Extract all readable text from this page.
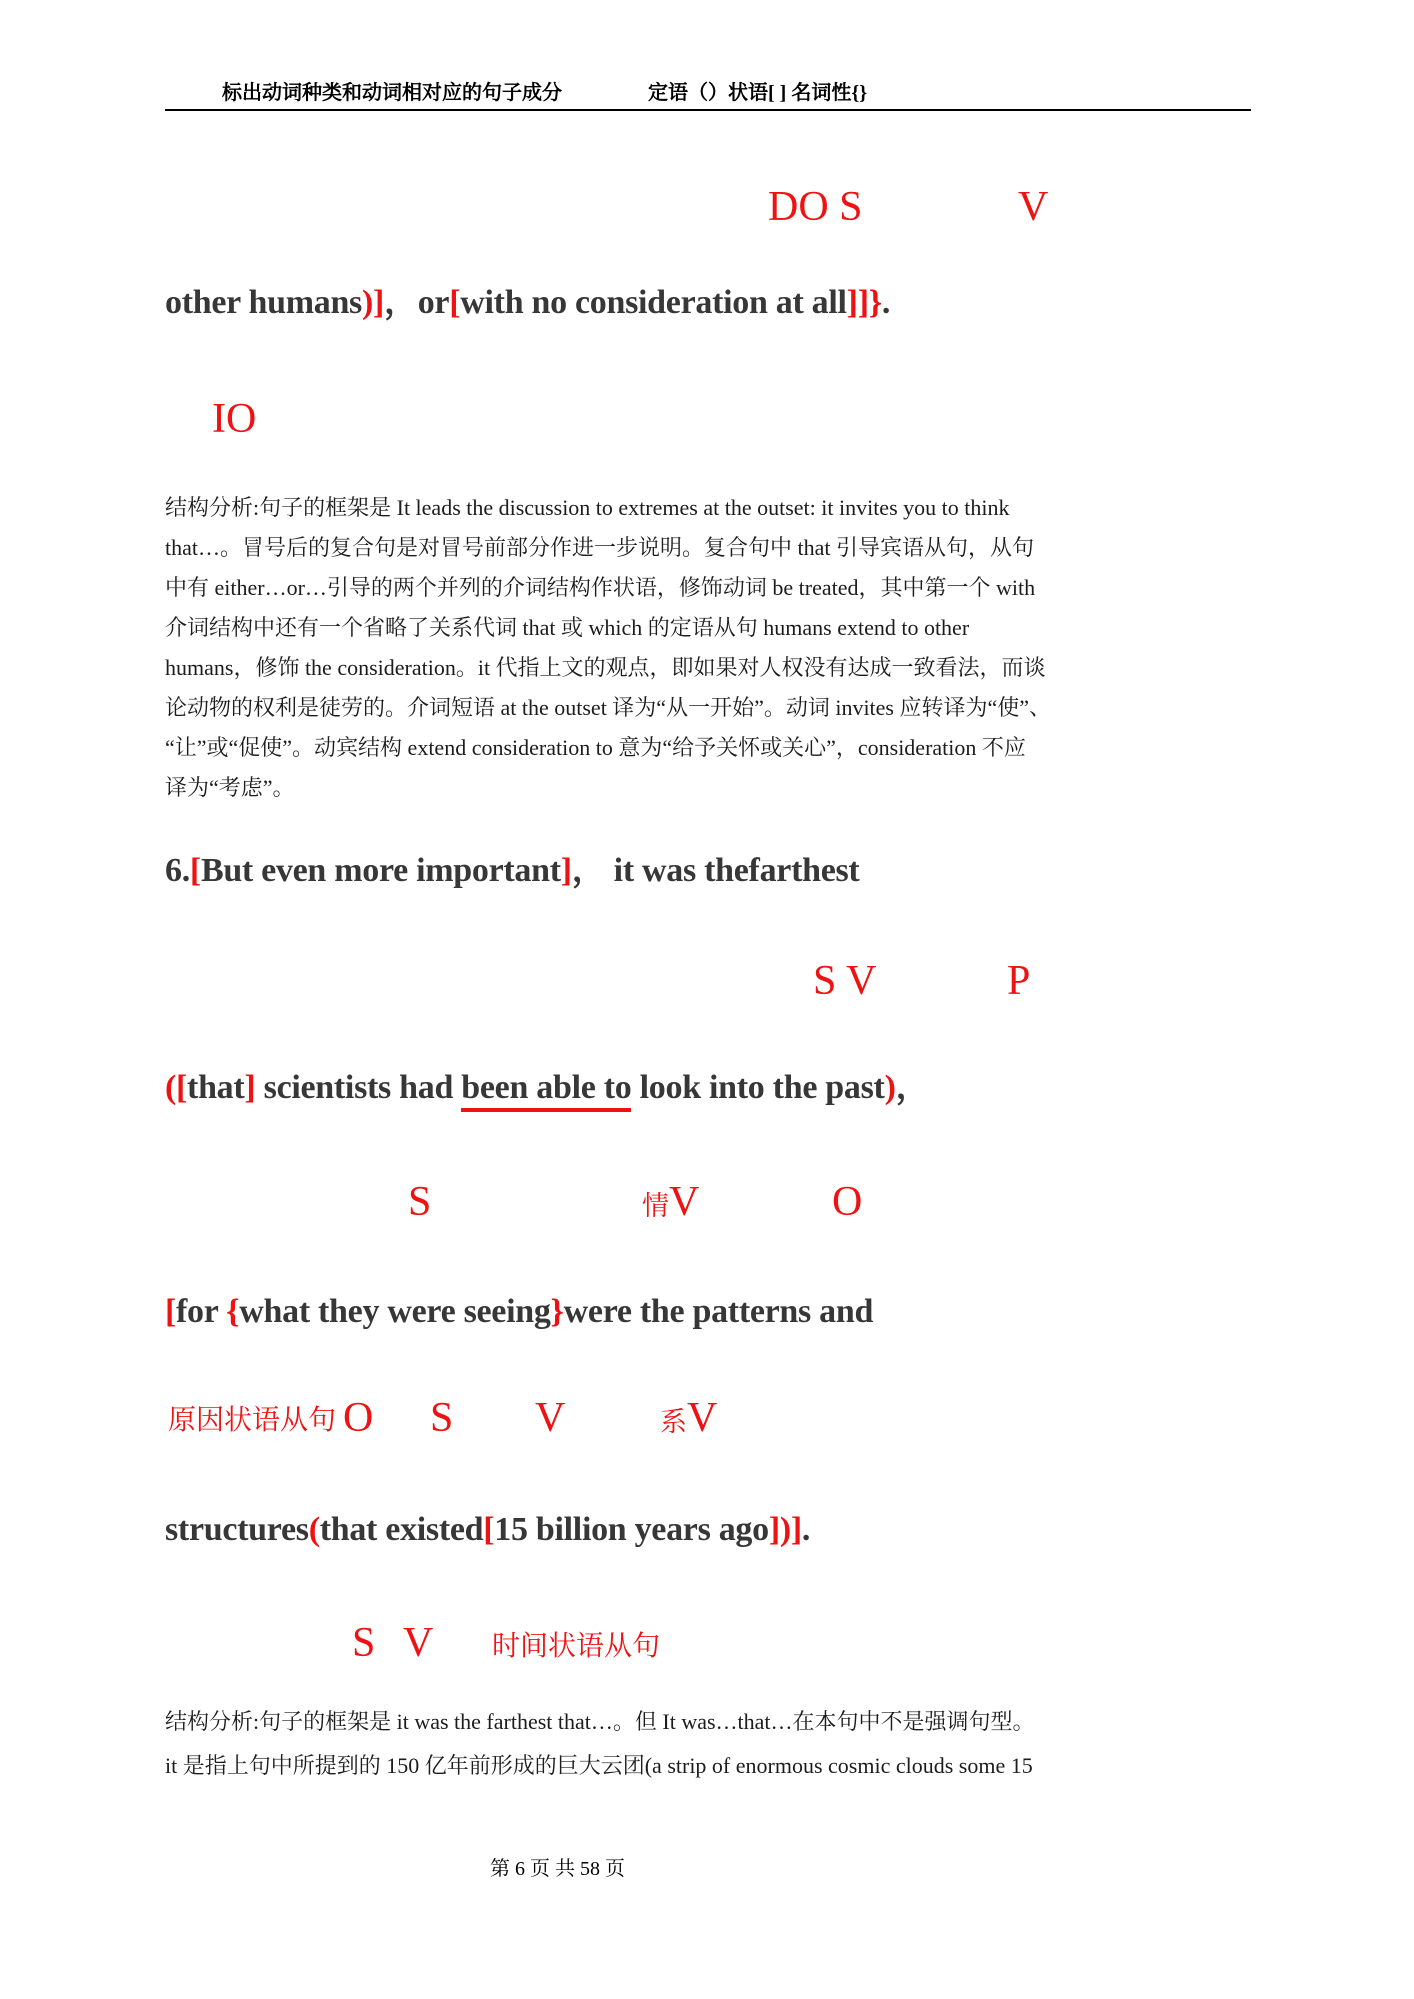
标出动词种类和动词相对应的句子成分	定语（）状语[ ] 名词性{}
DO S	V
other humans)]，or[with no consideration at all]]}.
IO
结构分析:句子的框架是 It leads the discussion to extremes at the outset: it invites you to think
that…。冒号后的复合句是对冒号前部分作进一步说明。复合句中 that 引导宾语从句，从句
中有 either…or…引导的两个并列的介词结构作状语，修饰动词 be treated，其中第一个 with
介词结构中还有一个省略了关系代词 that 或 which 的定语从句 humans extend to other
humans，修饰 the consideration。it 代指上文的观点，即如果对人权没有达成一致看法，而谈
论动物的权利是徒劳的。介词短语 at the outset 译为“从一开始”。动词 invites 应转译为“使”、
“让”或“促使”。动宾结构 extend consideration to 意为“给予关怀或关心”，consideration 不应
译为“考虑”。
6.[But even more important]， it was thefarthest
S V	P
([that] scientists had been able to look into the past)，
S	情V	O
[for {what they were seeing}were the patterns and
原因状语从句 O S V	系V
structures(that existed[15 billion years ago])].
S V 时间状语从句
结构分析:句子的框架是 it was the farthest that…。但 It was…that…在本句中不是强调句型。
it 是指上句中所提到的 150 亿年前形成的巨大云团(a strip of enormous cosmic clouds some 15
第 6 页 共 58 页
